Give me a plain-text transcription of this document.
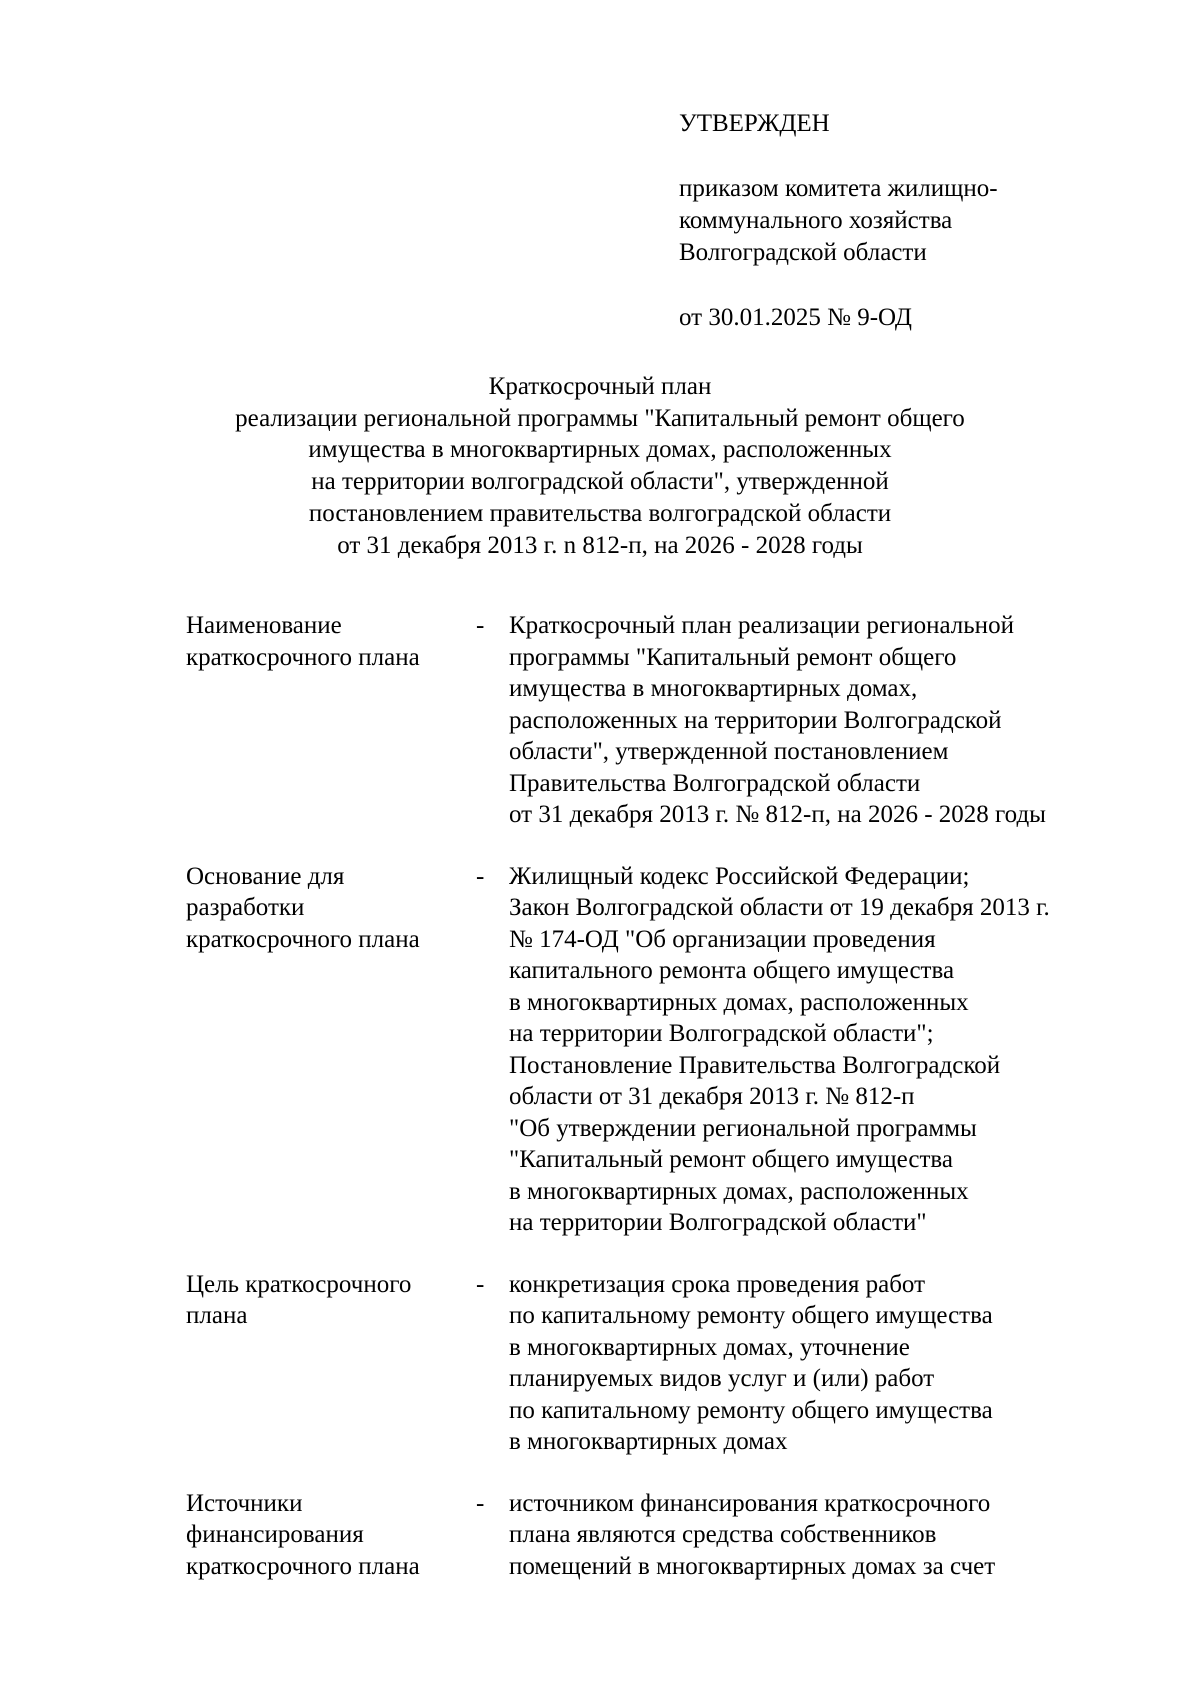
УТВЕРЖДЕН
приказом комитета жилищно-
коммунального хозяйства
Волгоградской области
от 30.01.2025 № 9-ОД
Краткосрочный план
реализации региональной программы "Капитальный ремонт общего
имущества в многоквартирных домах, расположенных
на территории волгоградской области", утвержденной
постановлением правительства волгоградской области
от 31 декабря 2013 г. n 812-п, на 2026 - 2028 годы
Наименование
краткосрочного плана
- Краткосрочный план реализации региональной
программы "Капитальный ремонт общего
имущества в многоквартирных домах,
расположенных на территории Волгоградской
области", утвержденной постановлением
Правительства Волгоградской области
от 31 декабря 2013 г. № 812-п, на 2026 - 2028 годы
Основание для
разработки
краткосрочного плана
- Жилищный кодекс Российской Федерации;
Закон Волгоградской области от 19 декабря 2013 г.
№ 174-ОД "Об организации проведения
капитального ремонта общего имущества
в многоквартирных домах, расположенных
на территории Волгоградской области";
Постановление Правительства Волгоградской
области от 31 декабря 2013 г. № 812-п
"Об утверждении региональной программы
"Капитальный ремонт общего имущества
в многоквартирных домах, расположенных
на территории Волгоградской области"
Цель краткосрочного
плана
- конкретизация срока проведения работ
по капитальному ремонту общего имущества
в многоквартирных домах, уточнение
планируемых видов услуг и (или) работ
по капитальному ремонту общего имущества
в многоквартирных домах
Источники
финансирования
краткосрочного плана
- источником финансирования краткосрочного
плана являются средства собственников
помещений в многоквартирных домах за счет
